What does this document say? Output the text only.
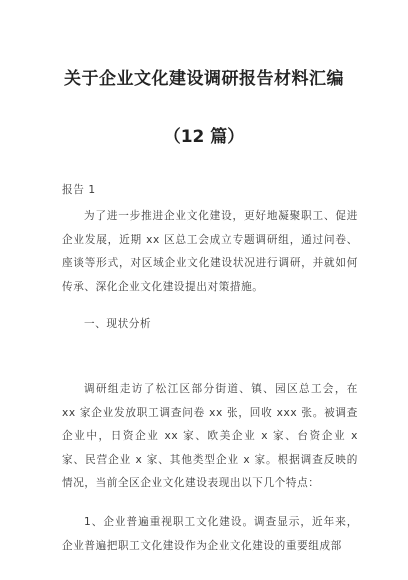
关于企业文化建设调研报告材料汇编
（12 篇）
报告 1
为了进一步推进企业文化建设，更好地凝聚职工、促进企业发展，近期 xx 区总工会成立专题调研组，通过问卷、座谈等形式，对区域企业文化建设状况进行调研，并就如何传承、深化企业文化建设提出对策措施。
一、现状分析
调研组走访了松江区部分街道、镇、园区总工会，在 xx 家企业发放职工调查问卷 xx 张，回收 xxx 张。被调查企业中，日资企业 xx 家、欧美企业 x 家、台资企业 x 家、民营企业 x 家、其他类型企业 x 家。根据调查反映的情况，当前全区企业文化建设表现出以下几个特点：
1、企业普遍重视职工文化建设。调查显示，近年来，企业普遍把职工文化建设作为企业文化建设的重要组成部
